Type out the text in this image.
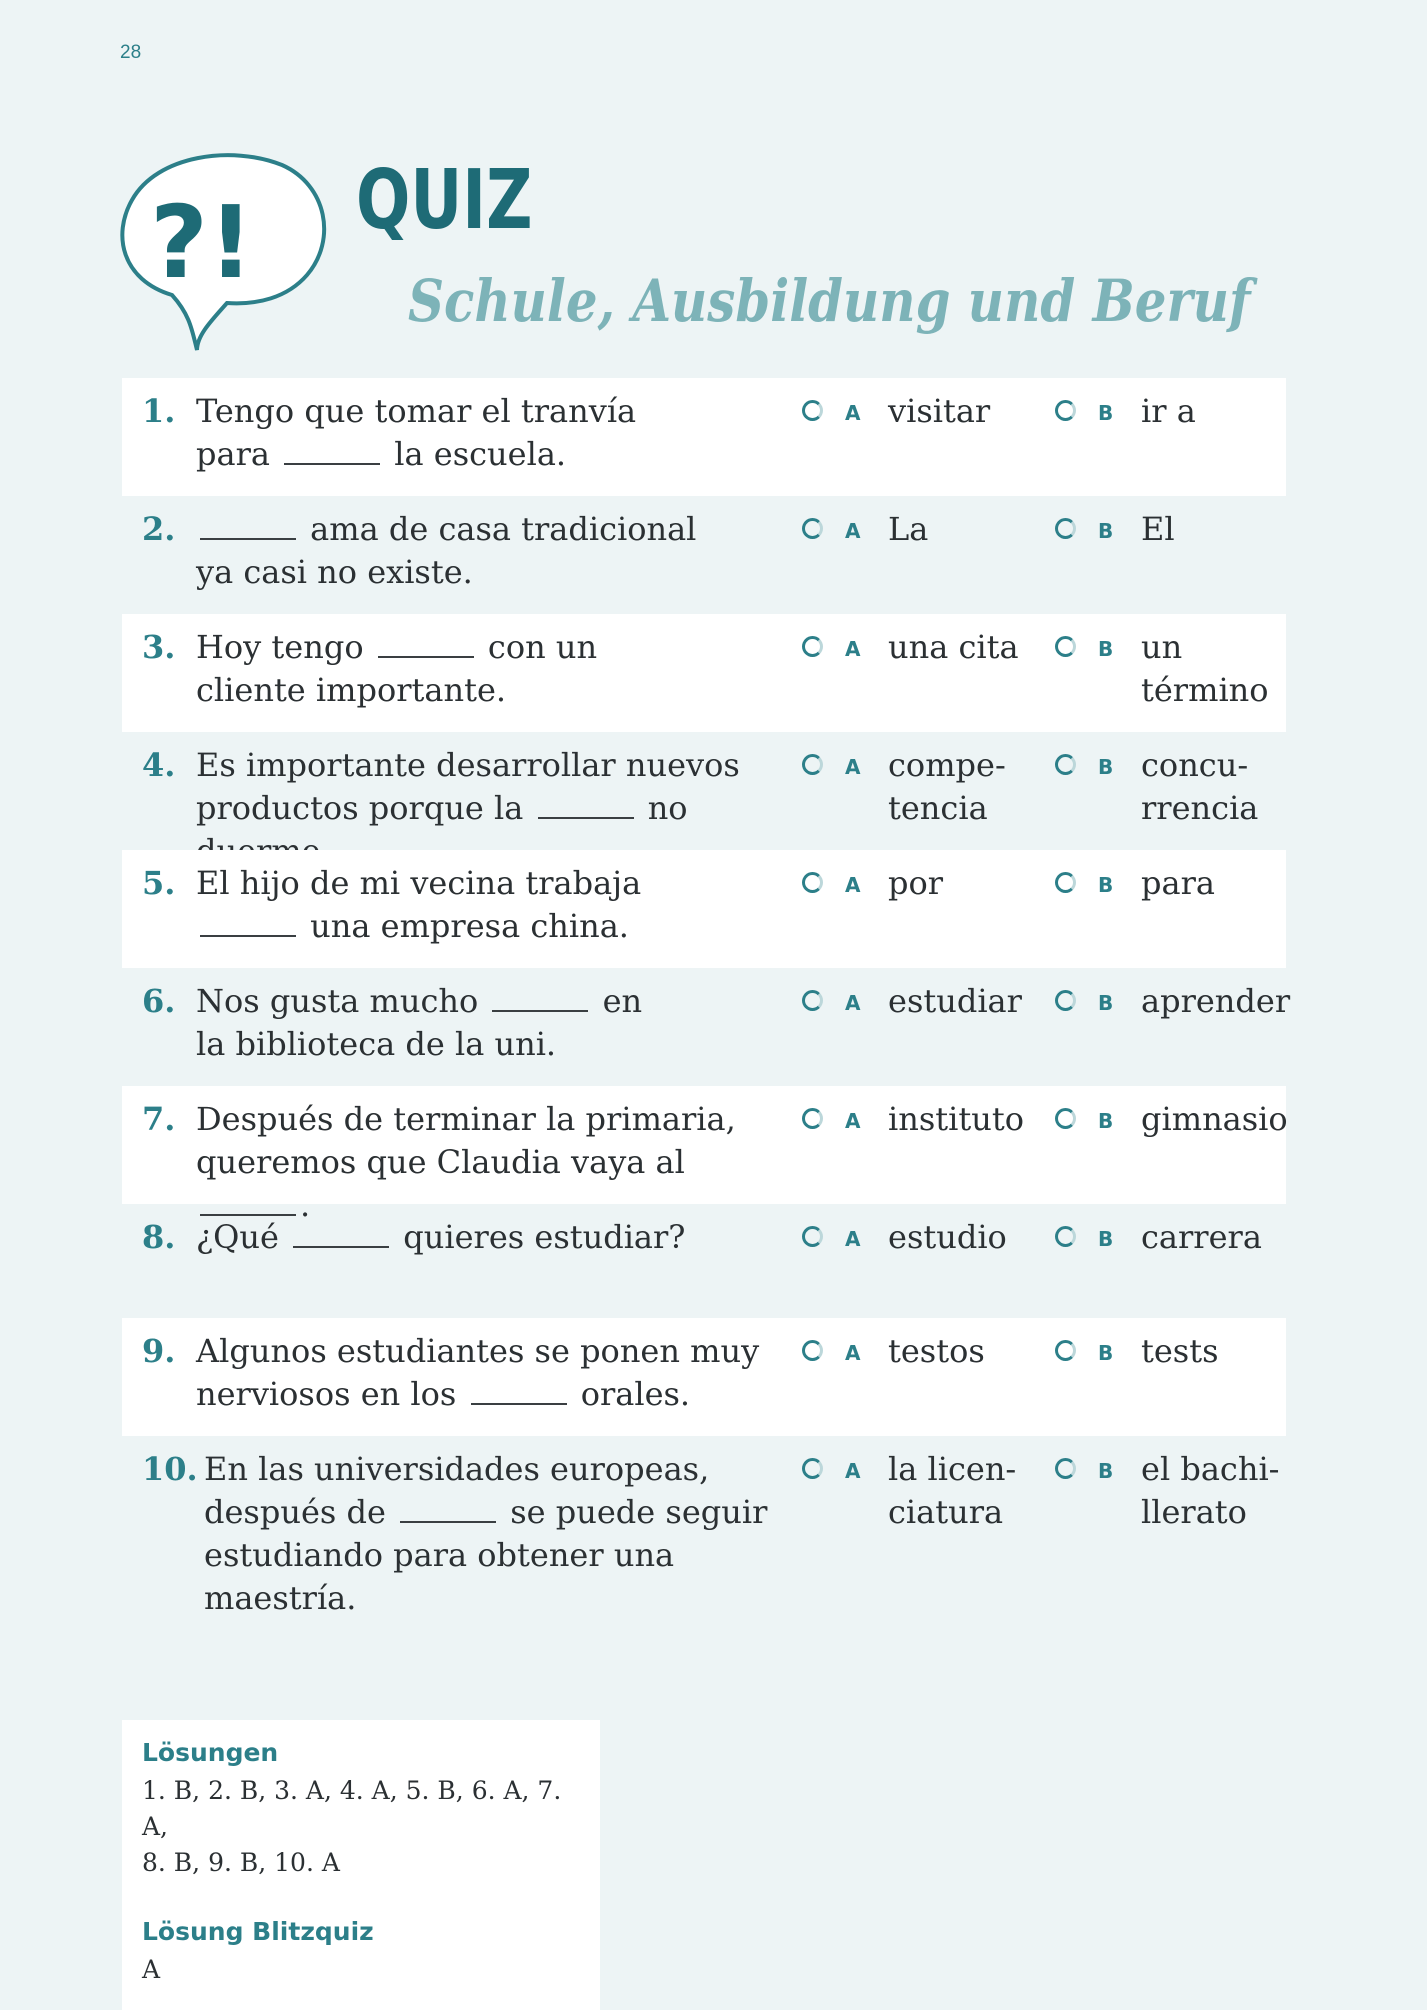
28
?! QUIZ
Schule, Ausbildung und Beruf
1. Tengo que tomar el tranvía
para	la escuela.
A visitar	B ir a
2.	ama de casa tradicional
ya casi no existe.
A La	B El
3. Hoy tengo	con un
cliente importante.
A una cita	B un
término
4. Es importante desarrollar nuevos
productos porque la	no
A compe-
tencia
B concu-
rrencia
5. El hijo de mi vecina trabaja
una empresa china.
A por	B para
6. Nos gusta mucho	en
la biblioteca de la uni.
A estudiar	B aprender
7. Después de terminar la primaria,
queremos que Claudia vaya al .
A instituto	B gimnasio
8. ¿Qué	quieres estudiar?	A estudio	B carrera
9. Algunos estudiantes se ponen muy
nerviosos en los	orales.
A testos	B tests
10. En las universidades europeas,
después de	se puede seguir
estudiando para obtener una maestría.
A la licen-
ciatura
B el bachi-
llerato
Lösungen
1. B, 2. B, 3. A, 4. A, 5. B, 6. A, 7. A,
8. B, 9. B, 10. A
Lösung Blitzquiz
A
